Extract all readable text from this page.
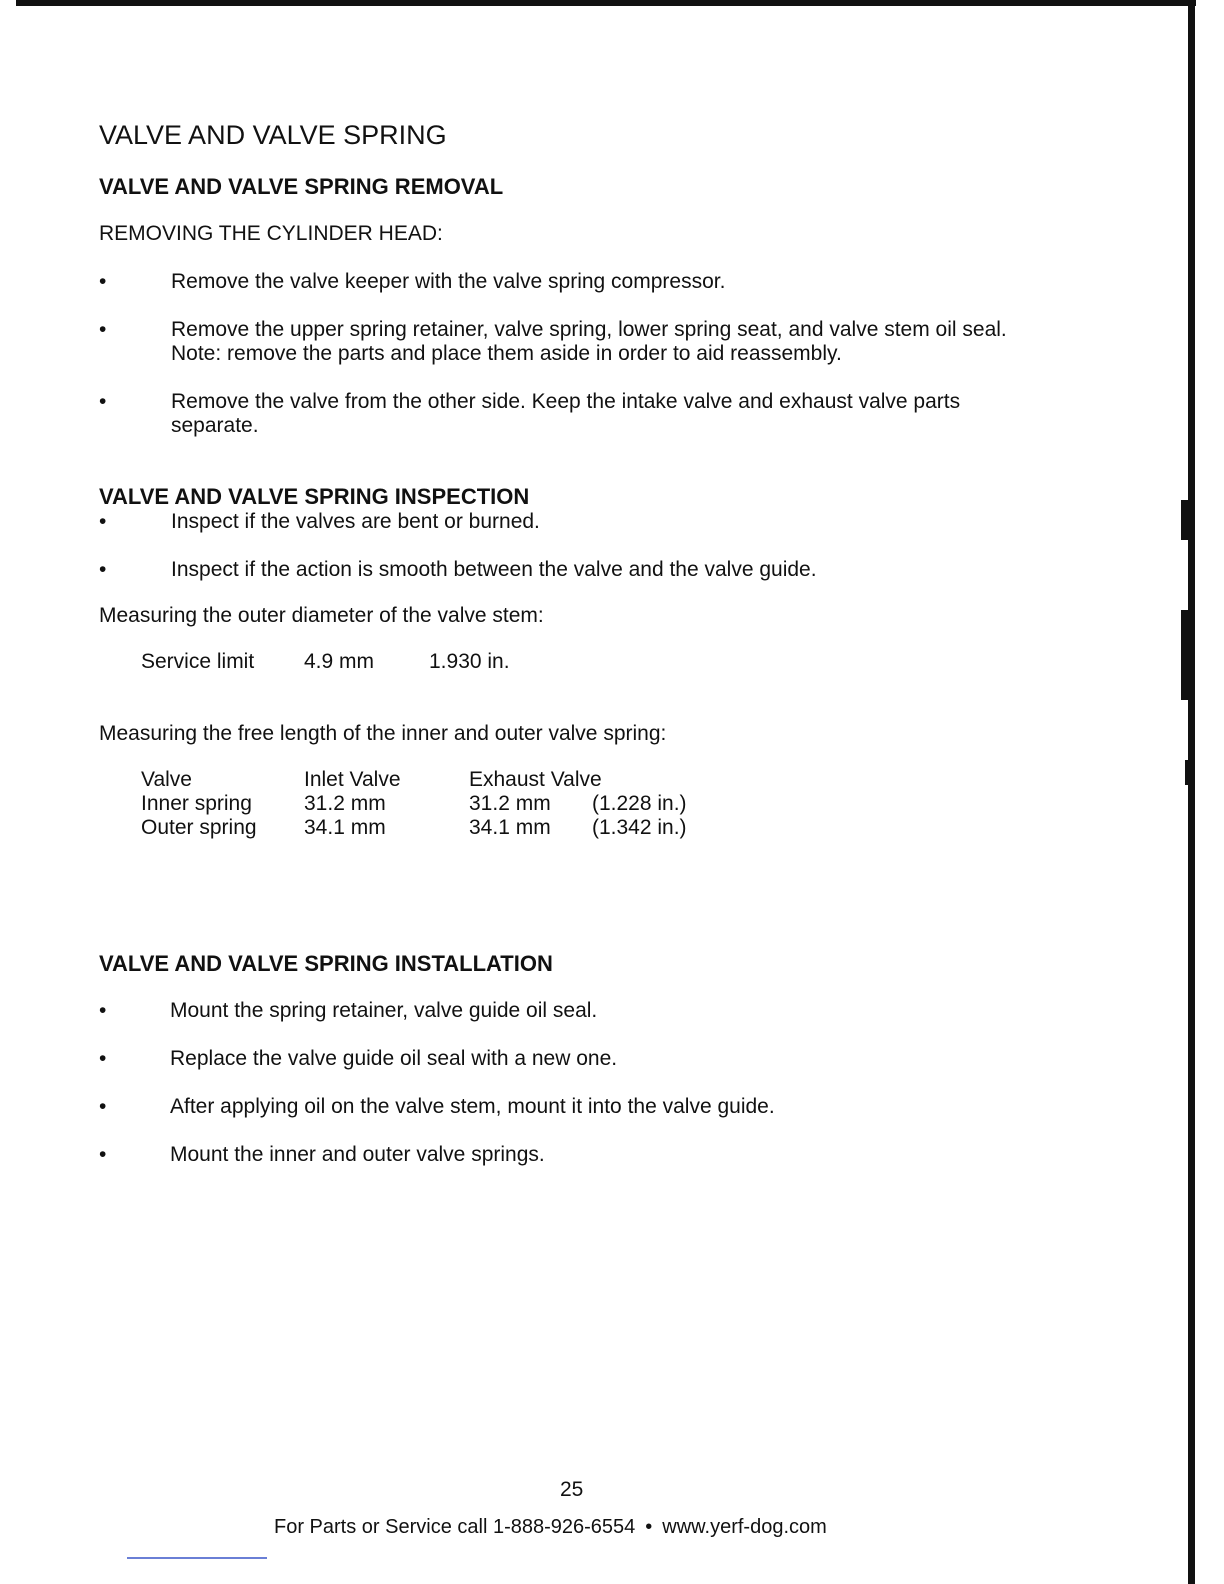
VALVE AND VALVE SPRING
VALVE AND VALVE SPRING REMOVAL

REMOVING THE CYLINDER HEAD:

•	Remove the valve keeper with the valve spring compressor.
•	Remove the upper spring retainer, valve spring, lower spring seat, and valve stem oil seal. Note: remove the parts and place them aside in order to aid reassembly.
•	Remove the valve from the other side. Keep the intake valve and exhaust valve parts separate.
VALVE AND VALVE SPRING INSPECTION
•	Inspect if the valves are bent or burned.
•	Inspect if the action is smooth between the valve and the valve guide.

Measuring the outer diameter of the valve stem:

Service limit 4.9 mm	1.930 in.

Measuring the free length of the inner and outer valve spring:

Valve	Inlet Valve	Exhaust Valve
Inner spring 31.2 mm	31.2 mm (1.228 in.)
Outer spring 34.1 mm	34.1 mm (1.342 in.)
VALVE AND VALVE SPRING INSTALLATION
•	Mount the spring retainer, valve guide oil seal.
•	Replace the valve guide oil seal with a new one.
•	After applying oil on the valve stem, mount it into the valve guide.
•	Mount the inner and outer valve springs.
25
For Parts or Service call 1-888-926-6554 • www.yerf-dog.com
